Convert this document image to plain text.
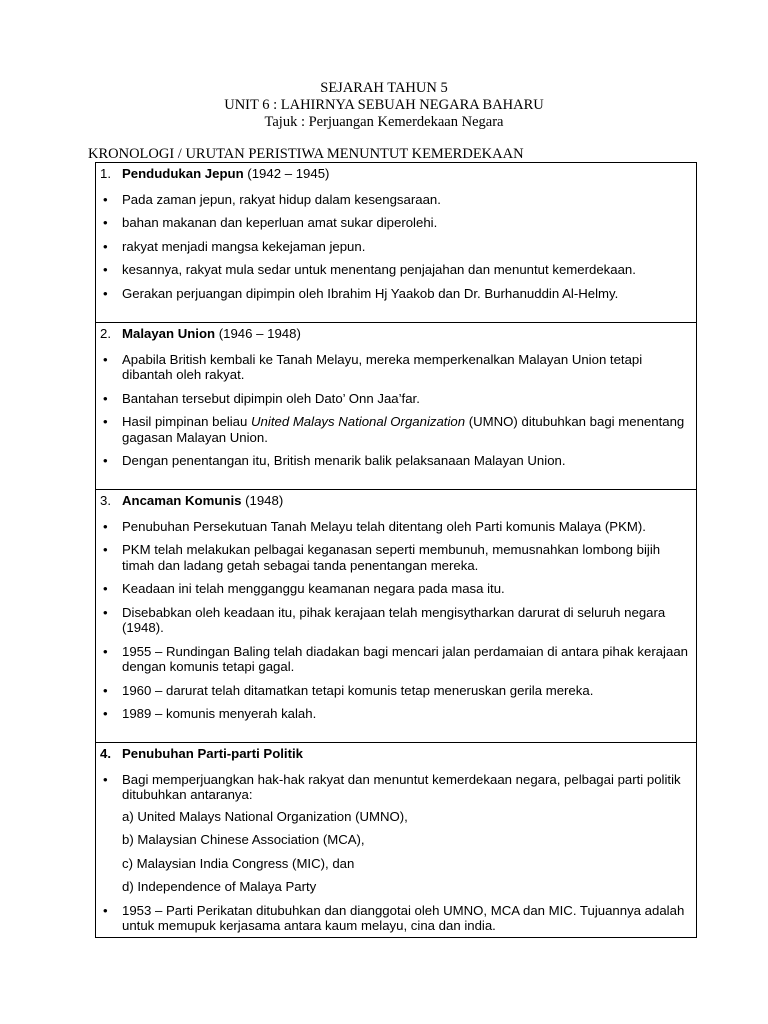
SEJARAH TAHUN 5
UNIT 6 : LAHIRNYA SEBUAH NEGARA BAHARU
Tajuk : Perjuangan Kemerdekaan Negara
KRONOLOGI / URUTAN PERISTIWA MENUNTUT KEMERDEKAAN
1. Pendudukan Jepun (1942 – 1945)
• Pada zaman jepun, rakyat hidup dalam kesengsaraan.
• bahan makanan dan keperluan amat sukar diperolehi.
• rakyat menjadi mangsa kekejaman jepun.
• kesannya, rakyat mula sedar untuk menentang penjajahan dan menuntut kemerdekaan.
• Gerakan perjuangan dipimpin oleh Ibrahim Hj Yaakob dan Dr. Burhanuddin Al-Helmy.
2. Malayan Union (1946 – 1948)
• Apabila British kembali ke Tanah Melayu, mereka memperkenalkan Malayan Union tetapi dibantah oleh rakyat.
• Bantahan tersebut dipimpin oleh Dato’ Onn Jaa’far.
• Hasil pimpinan beliau United Malays National Organization (UMNO) ditubuhkan bagi menentang gagasan Malayan Union.
• Dengan penentangan itu, British menarik balik pelaksanaan Malayan Union.
3. Ancaman Komunis (1948)
• Penubuhan Persekutuan Tanah Melayu telah ditentang oleh Parti komunis Malaya (PKM).
• PKM telah melakukan pelbagai keganasan seperti membunuh, memusnahkan lombong bijih timah dan ladang getah sebagai tanda penentangan mereka.
• Keadaan ini telah mengganggu keamanan negara pada masa itu.
• Disebabkan oleh keadaan itu, pihak kerajaan telah mengisytharkan darurat di seluruh negara (1948).
• 1955 – Rundingan Baling telah diadakan bagi mencari jalan perdamaian di antara pihak kerajaan dengan komunis tetapi gagal.
• 1960 – darurat telah ditamatkan tetapi komunis tetap meneruskan gerila mereka.
• 1989 – komunis menyerah kalah.
4. Penubuhan Parti-parti Politik
• Bagi memperjuangkan hak-hak rakyat dan menuntut kemerdekaan negara, pelbagai parti politik ditubuhkan antaranya:
a) United Malays National Organization (UMNO),
b) Malaysian Chinese Association (MCA),
c) Malaysian India Congress (MIC), dan
d) Independence of Malaya Party
• 1953 – Parti Perikatan ditubuhkan dan dianggotai oleh UMNO, MCA dan MIC. Tujuannya adalah untuk memupuk kerjasama antara kaum melayu, cina dan india.
